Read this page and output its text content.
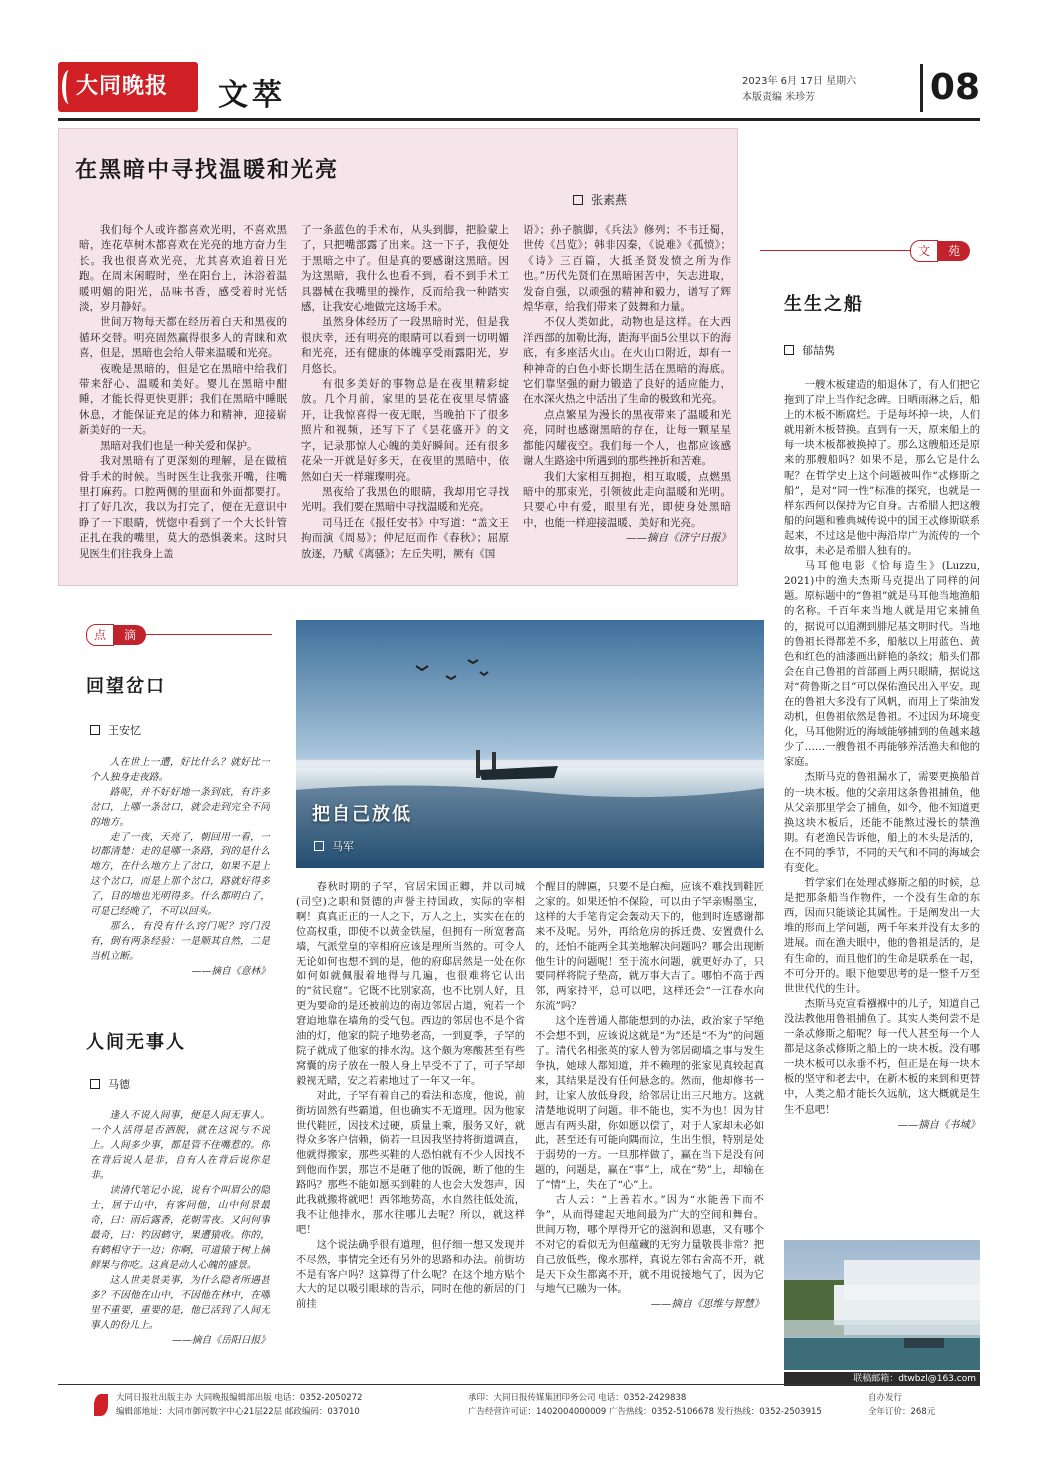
大同晚报	文萃	2023年 6月 17日 星期六
本版责编 米珍芳	08
在黑暗中寻找温暖和光亮
张素燕

我们每个人或许都喜欢光明，不喜欢黑暗，连花草树木都喜欢在光亮的地方奋力生长。我也很喜欢光亮，尤其喜欢追着日光跑。在周末闲暇时，坐在阳台上，沐浴着温暖明媚的阳光，品味书香，感受着时光恬淡，岁月静好。

世间万物每天都在经历着白天和黑夜的循环交替。明亮固然赢得很多人的青睐和欢喜，但是，黑暗也会给人带来温暖和光亮。

夜晚是黑暗的，但是它在黑暗中给我们带来舒心、温暖和美好。婴儿在黑暗中酣睡，才能长得更快更胖；我们在黑暗中睡眠休息，才能保证充足的体力和精神，迎接崭新美好的一天。

黑暗对我们也是一种关爱和保护。

我对黑暗有了更深刻的理解，是在做植骨手术的时候。当时医生让我张开嘴，往嘴里打麻药。口腔两侧的里面和外面都要打。打了好几次，我以为打完了，便在无意识中睁了一下眼睛，恍惚中看到了一个大长针管正扎在我的嘴里，莫大的恐惧袭来。这时只见医生们往我身上盖

了一条蓝色的手术布，从头到脚，把脸蒙上了，只把嘴部露了出来。这一下子，我便处于黑暗之中了。但是真的要感谢这黑暗。因为这黑暗，我什么也看不到，看不到手术工具器械在我嘴里的操作，反而给我一种踏实感，让我安心地做完这场手术。

虽然身体经历了一段黑暗时光，但是我很庆幸，还有明亮的眼睛可以看到一切明媚和光亮，还有健康的体魄享受雨露阳光，岁月悠长。

有很多美好的事物总是在夜里精彩绽放。几个月前，家里的昙花在夜里尽情盛开，让我惊喜得一夜无眠，当晚拍下了很多照片和视频，还写下了《昙花盛开》的文字，记录那惊人心魄的美好瞬间。还有很多花朵一开就是好多天，在夜里的黑暗中，依然如白天一样璀璨明亮。

黑夜给了我黑色的眼睛，我却用它寻找光明。我们要在黑暗中寻找温暖和光亮。

司马迁在《报任安书》中写道：“盖文王拘而演《周易》；仲尼厄而作《春秋》；屈原放逐，乃赋《离骚》；左丘失明，厥有《国

语》；孙子膑脚，《兵法》修列；不韦迁蜀，世传《吕览》；韩非囚秦，《说难》《孤愤》；《诗》三百篇，大抵圣贤发愤之所为作也。”历代先贤们在黑暗困苦中，矢志进取，发奋自强，以顽强的精神和毅力，谱写了辉煌华章，给我们带来了鼓舞和力量。

不仅人类如此，动物也是这样。在大西洋西部的加勒比海，距海平面5公里以下的海底，有多座活火山。在火山口附近，却有一种神奇的白色小虾长期生活在黑暗的海底。它们靠坚强的耐力锻造了良好的适应能力，在水深火热之中活出了生命的极致和光亮。

点点繁星为漫长的黑夜带来了温暖和光亮，同时也感谢黑暗的存在，让每一颗星星都能闪耀夜空。我们每一个人，也都应该感谢人生路途中所遇到的那些挫折和苦难。

我们大家相互拥抱，相互取暖，点燃黑暗中的那束光，引领彼此走向温暖和光明。只要心中有爱，眼里有光，即使身处黑暗中，也能一样迎接温暖、美好和光亮。

——摘自《济宁日报》

文 苑
生生之船
郁喆隽

一艘木板建造的船退休了，有人们把它拖到了岸上当作纪念碑。日晒雨淋之后，船上的木板不断腐烂。于是每坏掉一块，人们就用新木板替换。直到有一天，原来船上的每一块木板都被换掉了。那么这艘船还是原来的那艘船吗？如果不是，那么它是什么呢？在哲学史上这个问题被叫作“忒修斯之船”，是对“同一性”标准的探究，也就是一样东西何以保持为它自身。古希腊人把这艘船的问题和雅典城传说中的国王忒修斯联系起来，不过这是他中海沿岸广为流传的一个故事，未必是希腊人独有的。

马耳他电影《恰每造生》(Luzzu, 2021)中的渔夫杰斯马克提出了同样的问题。原标题中的“鲁祖”就是马耳他当地渔船的名称。千百年来当地人就是用它来捕鱼的，据说可以追溯到腓尼基文明时代。当地的鲁祖长得都差不多，船舷以上用蓝色、黄色和红色的油漆画出鲜艳的条纹；船头们都会在自己鲁祖的首部画上两只眼睛，据说这对“荷鲁斯之目”可以保佑渔民出入平安。现在的鲁祖大多没有了风帆，而用上了柴油发动机，但鲁祖依然是鲁祖。不过因为环境变化，马耳他附近的海域能够捕到的鱼越来越少了……一艘鲁祖不再能够养活渔夫和他的家庭。

杰斯马克的鲁祖漏水了，需要更换船首的一块木板。他的父亲用这条鲁祖捕鱼，他从父亲那里学会了捕鱼，如今，他不知道更换这块木板后，还能不能熬过漫长的禁渔期。有老渔民告诉他，船上的木头是活的，在不同的季节，不同的天气和不同的海域会有变化。

哲学家们在处理忒修斯之船的时候，总是把那条船当作物件，一个没有生命的东西，因而只能谈论其属性。于是阐发出一大堆的形而上学问题，两千年来并没有太多的进展。而在渔夫眼中，他的鲁祖是活的，是有生命的，而且他们的生命是联系在一起，不可分开的。眼下他要思考的是一整千万至世世代代的生计。

杰斯马克宣看襁褓中的儿子，知道自己没法教他用鲁祖捕鱼了。其实人类何尝不是一条忒修斯之船呢？每一代人甚至每一个人都是这条忒修斯之船上的一块木板。没有哪一块木板可以永垂不朽，但正是在每一块木板的坚守和老去中，在新木板的来到和更替中，人类之船才能长久远航，这大概就是生生不息吧！

——摘自《书城》

点 滴
回望岔口
王安忆

人在世上一遭，好比什么？就好比一个人独身走夜路。

路呢，并不好好地一条到底，有许多岔口，上哪一条岔口，就会走到完全不同的地方。

走了一夜，天亮了，朝回用一看，一切都清楚：走的是哪一条路，到的是什么地方，在什么地方上了岔口，如果不是上这个岔口，而是上那个岔口，路就好得多了，目的地也光明得多。什么都明白了，可是已经晚了，不可以回头。

那么，有没有什么窍门呢？窍门没有，倒有两条经验：一是顺其自然，二是当机立断。

——摘自《意林》

人间无事人
马德

逢人不说人间事，便是人间无事人。一个人活得是否洒脱，就在这说与不说上。人间多少事，都是管不住嘴惹的。你在背后说人是非，自有人在背后说你是非。

读清代笔记小说，说有个叫眉公的隐士，居于山中，有客问他，山中何景最奇，曰：雨后露香，花朝雪夜。又问何事最奇，曰：钓因鹤守，果遭猿收。你的，有鹤相守于一边；你啊，可道猿于树上摘鲜果与你吃。这真是动人心魄的盛景。

这人世美景美事，为什么隐者所遇甚多？不因他在山中，不因他在林中，在哪里不重要，重要的是，他已活到了人间无事人的份儿上。

——摘自《岳阳日报》

把自己放低
马军

春秋时期的子罕，官居宋国正卿，并以司城(司空)之职和贤德的声誉主持国政，实际的宰相啊！真真正正的一人之下，万人之上，实实在在的位高权重，即使不以黄金铁屋，但拥有一所宽奢高墙，气派堂皇的宰相府应该是理所当然的。可令人无论如何也想不到的是，他的府邸居然是一处在你如何如就佩服着地得与几遍，也很难将它认出的“贫民窟”。它既不比别家高，也不比别人好，且更为要命的是还被前边的南边邻居占道，宛若一个窘迫地靠在墙角的受气包。西边的邻居也不是个省油的灯，他家的院子地势老高，一到夏季，子罕的院子就成了他家的排水沟。这个颇为寒酸甚至有些窝囊的房子放在一般人身上早受不了了，可子罕却毅视无睹，安之若素地过了一年又一年。

对此，子罕有着自己的看法和态度，他说，前街坊固然有些霸道，但也确实不无道理。因为他家世代鞋匠，因技术过硬，质量上乘，服务又好，就得众多客户信赖，倘若一旦因我坚持将街道调直，他就得搬家，那些买鞋的人恐怕就有不少人因找不到他而作罢，那岂不是砸了他的饭碗，断了他的生路吗？那些不能如愿买到鞋的人也会大发怨声，因此我就搬将就吧！西邻地势高，水自然往低处流，我不让他排水，那水往哪儿去呢？所以，就这样吧！

这个说法确乎很有道理，但仔细一想又发现并不尽然，事情完全还有另外的思路和办法。前街坊不是有客户吗？这算得了什么呢？在这个地方贴个大大的足以吸引眼球的告示，同时在他的新居的门前挂

个醒目的牌匾，只要不是白痴，应该不难找到鞋匠之家的。如果还怕不保险，可以由子罕亲赐墨宝，这样的大手笔肯定会轰动天下的，他到时连感谢都来不及呢。另外，再给危房的拆迁费、安置费什么的，还怕不能两全其美地解决问题吗？哪会出现断他生计的问题呢！至于流水问题，就更好办了，只要同样将院子垫高，就万事大吉了。哪怕不高于西邻，两家持平，总可以吧，这样还会“一江春水向东流”吗？

这个连普通人都能想到的办法，政治家子罕绝不会想不到，应该说这就是“为”还是“不为”的问题了。清代名相张英的家人曾为邻居砌墙之事与发生争执，她球人都知道，并不赖理的张家见真较起真来，其结果是没有任何悬念的。然而，他却修书一封，让家人放低身段，给邻居让出三尺地方。这就清楚地说明了问题。非不能也，实不为也！因为甘愿吉有两头甜，你如愿以偿了，对于人家却未必如此，甚至还有可能向隅而泣，生出生恨，特别是处于弱势的一方。一旦那样做了，赢在当下是没有问题的，问题是，赢在“事”上，成在“势”上，却输在了“情”上，失在了“心”上。

古人云：“上善若水。”因为“水能善下而不争”，从而得建起天地间最为广大的空间和舞台。世间万物，哪个厚得开它的滋润和恩惠，又有哪个不对它的看似无为但蕴藏的无穷力量敬畏非常？把自己放低些，像水那样，真说左邻右舍高不开，就是天下众生都离不开，就不用说接地气了，因为它与地气已融为一体。

——摘自《思维与智慧》

联稿邮箱：dtwbzl@163.com
大同日报社出版主办 大同晚报编辑部出版 电话：0352-2050272
编辑部地址：大同市御河数字中心21层22层 邮政编码：037010
承印：大同日报传媒集团印务公司 电话：0352-2429838
广告经营许可证：1402004000009 广告热线：0352-5106678 发行热线：0352-2503915
自办发行
全年订价：268元
